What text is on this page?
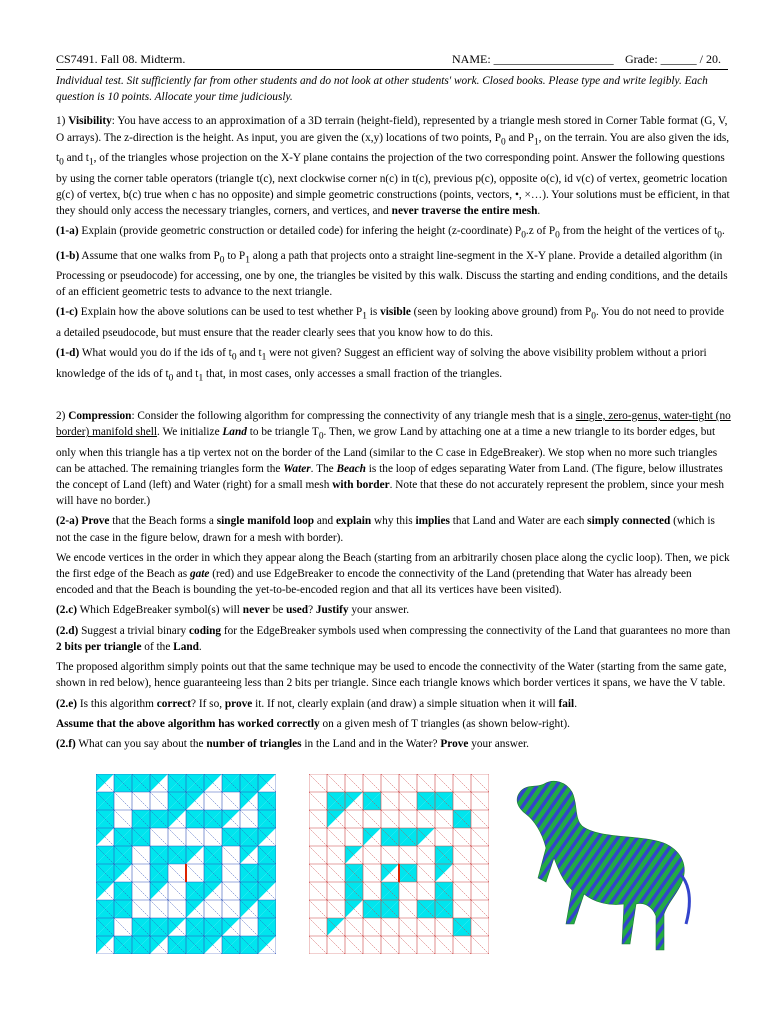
CS7491. Fall 08. Midterm.	NAME: ____________________ Grade: ______ / 20.

Individual test. Sit sufficiently far from other students and do not look at other students' work. Closed books. Please type and write legibly. Each question is 10 points. Allocate your time judiciously.

1) Visibility: You have access to an approximation of a 3D terrain (height-field), represented by a triangle mesh stored in Corner Table format (G, V, O arrays). The z-direction is the height. As input, you are given the (x,y) locations of two points, $P_0$ and $P_1$, on the terrain. You are also given the ids, $t_0$ and $t_1$, of the triangles whose projection on the X-Y plane contains the projection of the two corresponding point. Answer the following questions by using the corner table operators (triangle t(c), next clockwise corner n(c) in t(c), previous p(c), opposite o(c), id v(c) of vertex, geometric location g(c) of vertex, b(c) true when c has no opposite) and simple geometric constructions (points, vectors, •, ×…). Your solutions must be efficient, in that they should only access the necessary triangles, corners, and vertices, and never traverse the entire mesh.

(1-a) Explain (provide geometric construction or detailed code) for infering the height (z-coordinate) $P_0.z$ of $P_0$ from the height of the vertices of $t_0$.

(1-b) Assume that one walks from $P_0$ to $P_1$ along a path that projects onto a straight line-segment in the X-Y plane. Provide a detailed algorithm (in Processing or pseudocode) for accessing, one by one, the triangles be visited by this walk. Discuss the starting and ending conditions, and the details of an efficient geometric tests to advance to the next triangle.

(1-c) Explain how the above solutions can be used to test whether $P_1$ is visible (seen by looking above ground) from $P_0$. You do not need to provide a detailed pseudocode, but must ensure that the reader clearly sees that you know how to do this.

(1-d) What would you do if the ids of $t_0$ and $t_1$ were not given? Suggest an efficient way of solving the above visibility problem without a priori knowledge of the ids of $t_0$ and $t_1$ that, in most cases, only accesses a small fraction of the triangles.

2) Compression: Consider the following algorithm for compressing the connectivity of any triangle mesh that is a single, zero-genus, water-tight (no border) manifold shell. We initialize Land to be triangle $T_0$. Then, we grow Land by attaching one at a time a new triangle to its border edges, but only when this triangle has a tip vertex not on the border of the Land (similar to the C case in EdgeBreaker). We stop when no more such triangles can be attached. The remaining triangles form the Water. The Beach is the loop of edges separating Water from Land. (The figure, below illustrates the concept of Land (left) and Water (right) for a small mesh with border. Note that these do not accurately represent the problem, since your mesh will have no border.)

(2-a) Prove that the Beach forms a single manifold loop and explain why this implies that Land and Water are each simply connected (which is not the case in the figure below, drawn for a mesh with border).

We encode vertices in the order in which they appear along the Beach (starting from an arbitrarily chosen place along the cyclic loop). Then, we pick the first edge of the Beach as gate (red) and use EdgeBreaker to encode the connectivity of the Land (pretending that Water has already been encoded and that the Beach is bounding the yet-to-be-encoded region and that all its vertices have been visited).

(2.c) Which EdgeBreaker symbol(s) will never be used? Justify your answer.

(2.d) Suggest a trivial binary coding for the EdgeBreaker symbols used when compressing the connectivity of the Land that guarantees no more than 2 bits per triangle of the Land.

The proposed algorithm simply points out that the same technique may be used to encode the connectivity of the Water (starting from the same gate, shown in red below), hence guaranteeing less than 2 bits per triangle. Since each triangle knows which border vertices it spans, we have the V table.

(2.e) Is this algorithm correct? If so, prove it. If not, clearly explain (and draw) a simple situation when it will fail.

Assume that the above algorithm has worked correctly on a given mesh of T triangles (as shown below-right).

(2.f) What can you say about the number of triangles in the Land and in the Water? Prove your answer.
